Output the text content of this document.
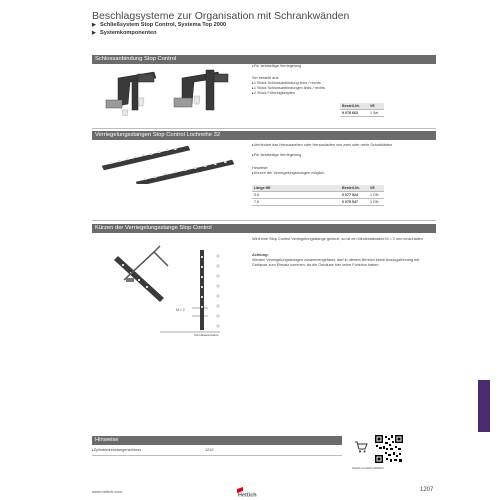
Beschlagsysteme zur Organisation mit Schrankwänden
▶ Schließsystem Stop Control, Systema Top 2000
▶ Systemkomponenten
Schlossanbindung Stop Control
▸ Für beidseitige Verriegelung
Set besteht aus:
▸ 1 Stück Schlossanbindung links / rechts
▸ 1 Stück Schlossanbindungen links / rechts
▸ 2 Stück Führungszapfen
Bestell-Nr.	VE
9 078 663	1 Set
Verriegelungsstangen Stop Control Lochreihe 32
▸ Verhindert das Herausziehen oder Herauslaufen von zwei oder mehr Schubkästen
▸ Für beidseitige Verriegelung
Hinweise:
▸ Kürzen der Verriegelungsstangen möglich
Länge HE	Bestell-Nr.	VE
5,5	0 077 524	1 ON
7,5	0 075 547	1 ON
Kürzen der Verriegelungsstange Stop Control
M = 2
Schubkastenkante
Wird eine Stop Control Verriegelungsstange gekürzt, so ist ein Mindestabstand M = 2 mm einzuhalten
Achtung:
Werden Verriegelungsstangen zusammengefasst, darf in diesem Bereich keine Auszugsführung mit Gehäuse zum Einsatz kommen, da die Gehäuse hier keine Funktion haben.
Hinweise
▸ Zylinderdrehstangenschloss	1210
hettich.com/short/b6bc1
www.hettich.com
Hettich
1207
